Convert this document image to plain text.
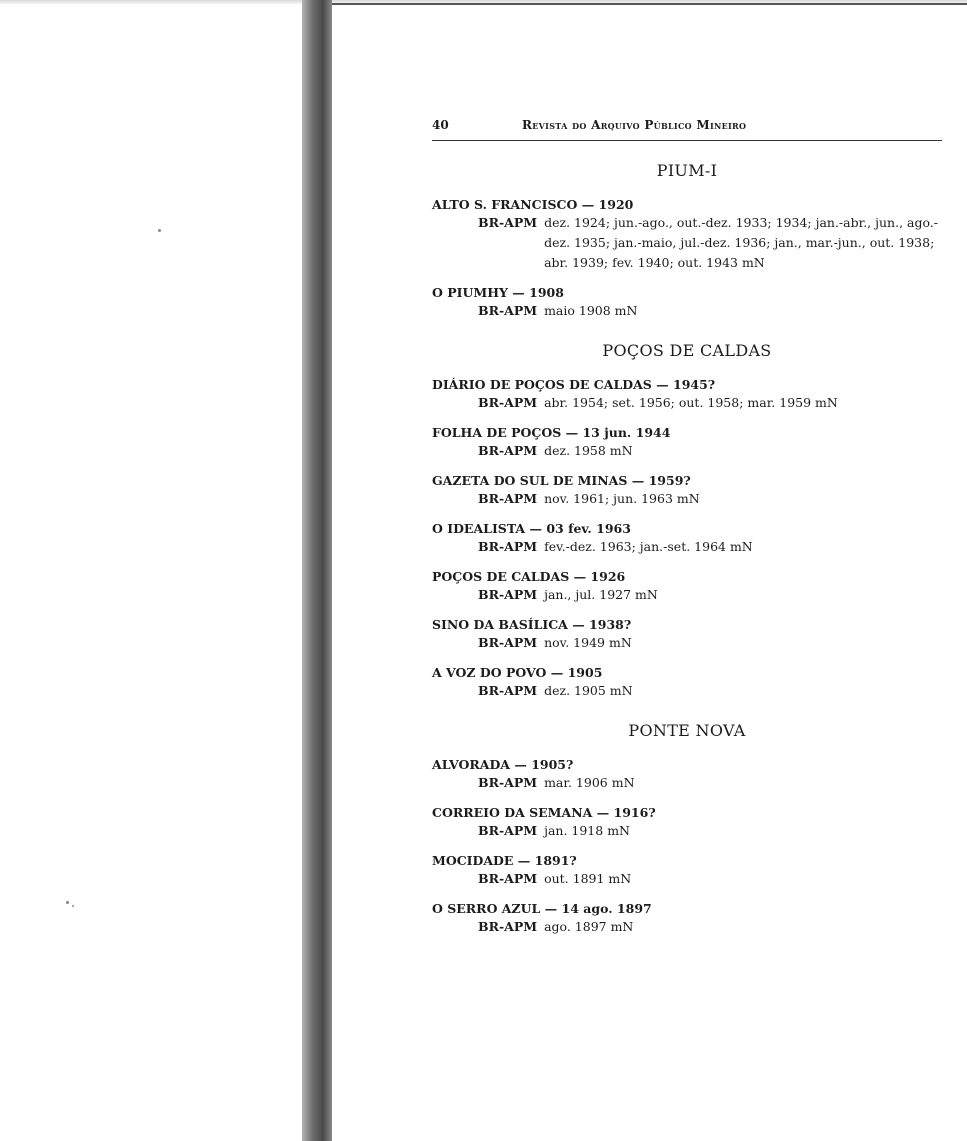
40	Revista do Arquivo Público Mineiro
PIUM-I
ALTO S. FRANCISCO — 1920
BR-APM dez. 1924; jun.-ago., out.-dez. 1933; 1934; jan.-abr., jun., ago.-dez. 1935; jan.-maio, jul.-dez. 1936; jan., mar.-jun., out. 1938; abr. 1939; fev. 1940; out. 1943 mN
O PIUMHY — 1908
BR-APM maio 1908 mN
POÇOS DE CALDAS
DIÁRIO DE POÇOS DE CALDAS — 1945?
BR-APM abr. 1954; set. 1956; out. 1958; mar. 1959 mN
FOLHA DE POÇOS — 13 jun. 1944
BR-APM dez. 1958 mN
GAZETA DO SUL DE MINAS — 1959?
BR-APM nov. 1961; jun. 1963 mN
O IDEALISTA — 03 fev. 1963
BR-APM fev.-dez. 1963; jan.-set. 1964 mN
POÇOS DE CALDAS — 1926
BR-APM jan., jul. 1927 mN
SINO DA BASÍLICA — 1938?
BR-APM nov. 1949 mN
A VOZ DO POVO — 1905
BR-APM dez. 1905 mN
PONTE NOVA
ALVORADA — 1905?
BR-APM mar. 1906 mN
CORREIO DA SEMANA — 1916?
BR-APM jan. 1918 mN
MOCIDADE — 1891?
BR-APM out. 1891 mN
O SERRO AZUL — 14 ago. 1897
BR-APM ago. 1897 mN
